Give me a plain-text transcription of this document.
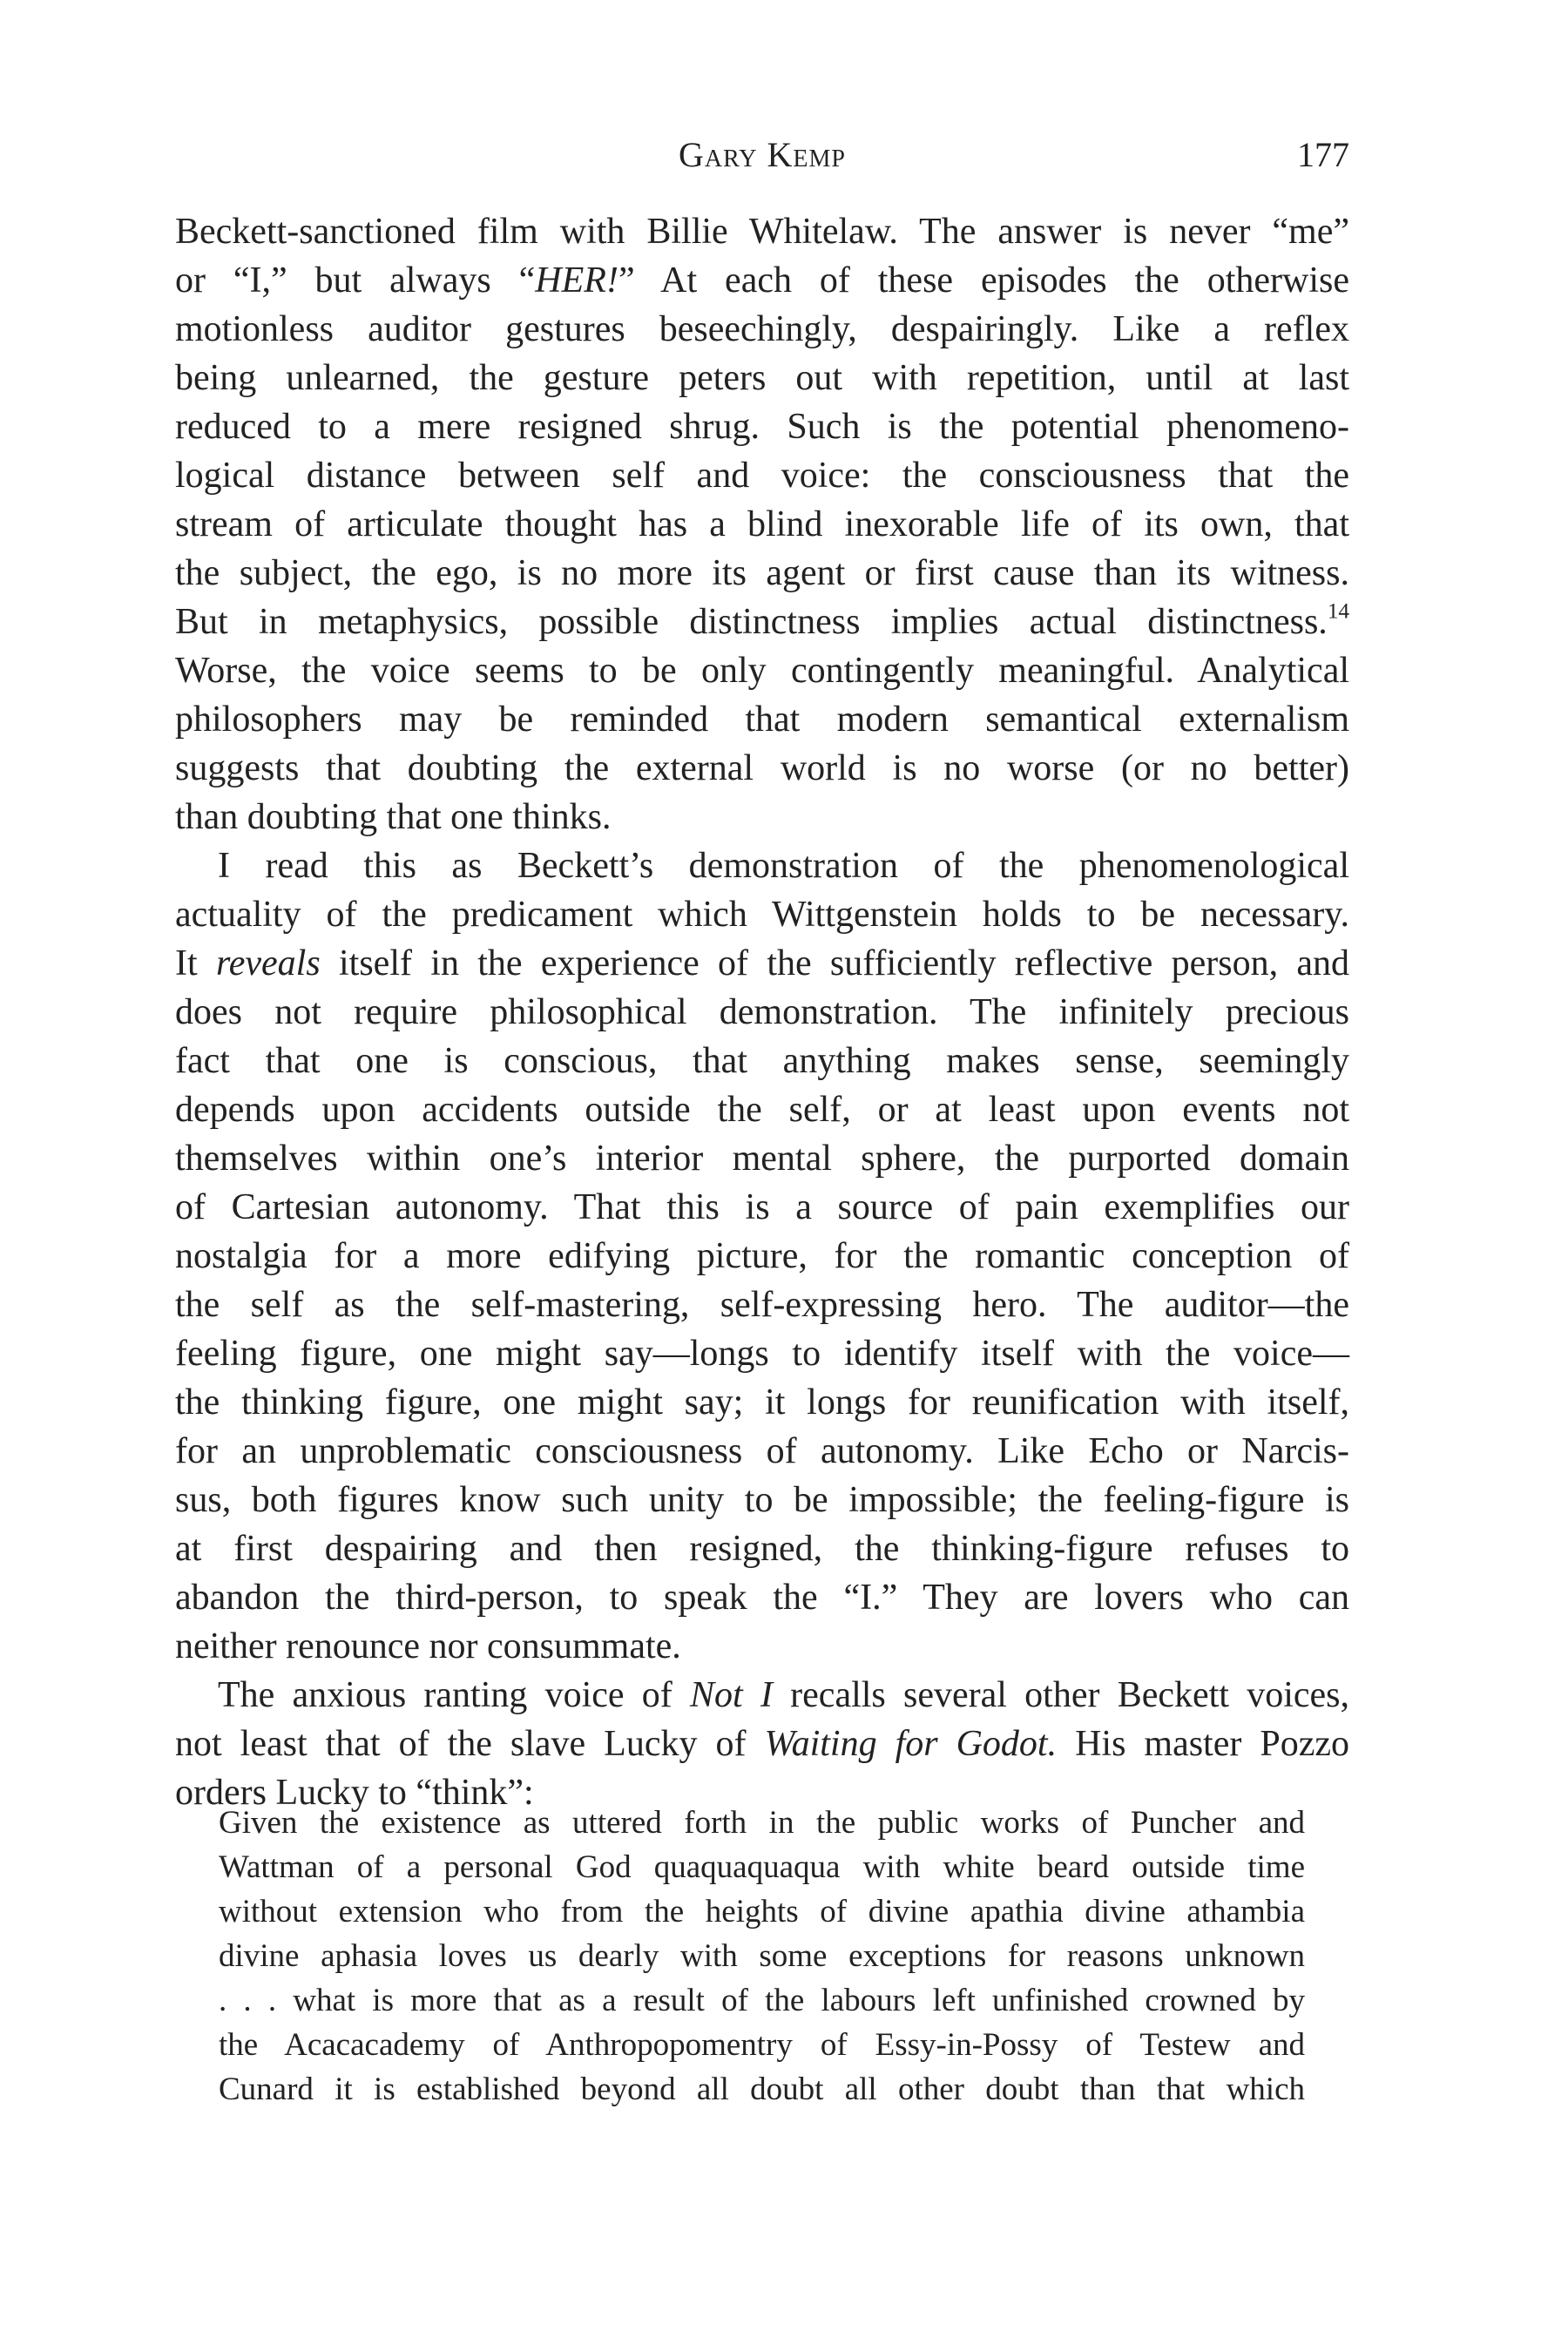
Gary Kemp	177
Beckett-sanctioned film with Billie Whitelaw. The answer is never “me”
or “I,” but always “HER!” At each of these episodes the otherwise
motionless auditor gestures beseechingly, despairingly. Like a reflex
being unlearned, the gesture peters out with repetition, until at last
reduced to a mere resigned shrug. Such is the potential phenomeno-
logical distance between self and voice: the consciousness that the
stream of articulate thought has a blind inexorable life of its own, that
the subject, the ego, is no more its agent or first cause than its witness.
But in metaphysics, possible distinctness implies actual distinctness.$^{14}$
Worse, the voice seems to be only contingently meaningful. Analytical
philosophers may be reminded that modern semantical externalism
suggests that doubting the external world is no worse (or no better)
than doubting that one thinks.
I read this as Beckett’s demonstration of the phenomenological
actuality of the predicament which Wittgenstein holds to be necessary.
It reveals itself in the experience of the sufficiently reflective person, and
does not require philosophical demonstration. The infinitely precious
fact that one is conscious, that anything makes sense, seemingly
depends upon accidents outside the self, or at least upon events not
themselves within one’s interior mental sphere, the purported domain
of Cartesian autonomy. That this is a source of pain exemplifies our
nostalgia for a more edifying picture, for the romantic conception of
the self as the self-mastering, self-expressing hero. The auditor—the
feeling figure, one might say—longs to identify itself with the voice—
the thinking figure, one might say; it longs for reunification with itself,
for an unproblematic consciousness of autonomy. Like Echo or Narcis-
sus, both figures know such unity to be impossible; the feeling-figure is
at first despairing and then resigned, the thinking-figure refuses to
abandon the third-person, to speak the “I.” They are lovers who can
neither renounce nor consummate.
The anxious ranting voice of Not I recalls several other Beckett voices,
not least that of the slave Lucky of Waiting for Godot. His master Pozzo
orders Lucky to “think”:
Given the existence as uttered forth in the public works of Puncher and
Wattman of a personal God quaquaquaqua with white beard outside time
without extension who from the heights of divine apathia divine athambia
divine aphasia loves us dearly with some exceptions for reasons unknown
. . . what is more that as a result of the labours left unfinished crowned by
the Acacacademy of Anthropopomentry of Essy-in-Possy of Testew and
Cunard it is established beyond all doubt all other doubt than that which
